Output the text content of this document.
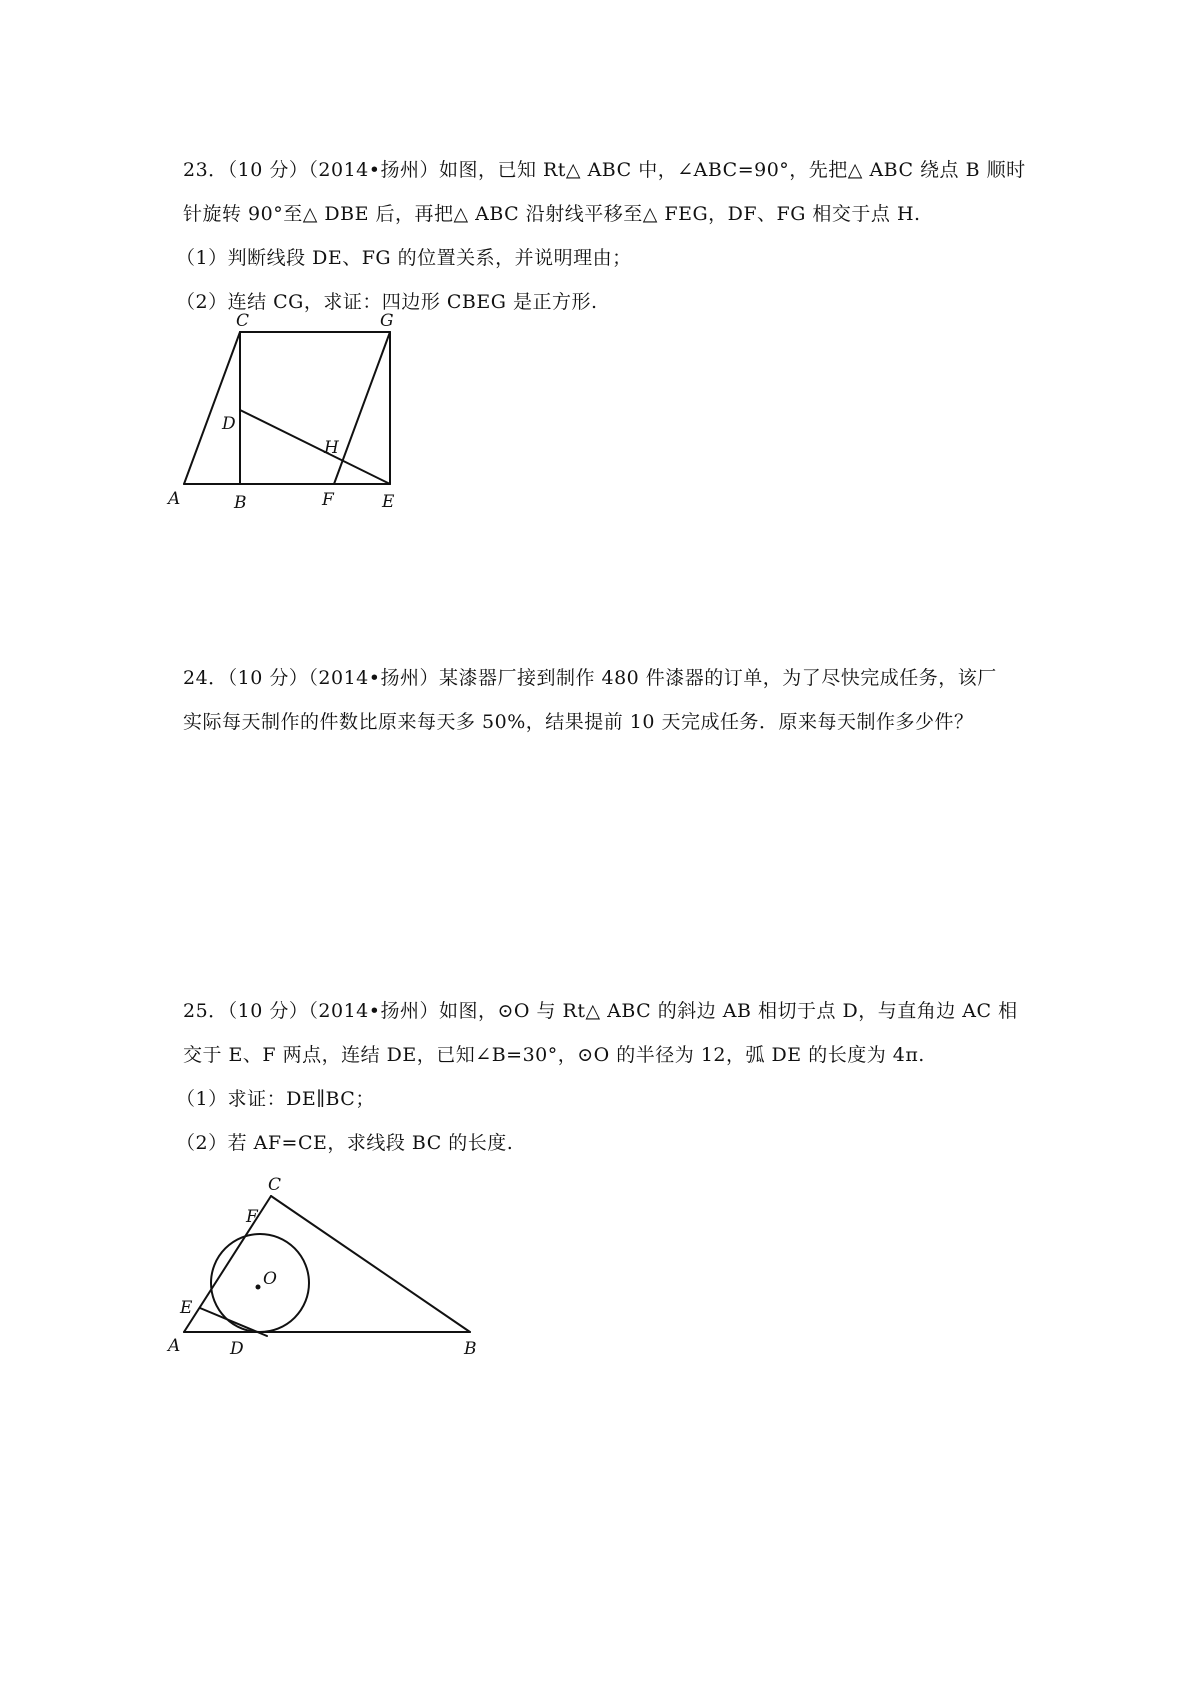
23．（10 分）（2014•扬州）如图，已知 Rt△ ABC 中，∠ABC=90°，先把△ ABC 绕点 B 顺时
针旋转 90°至△ DBE 后，再把△ ABC 沿射线平移至△ FEG，DF、FG 相交于点 H.
（1）判断线段 DE、FG 的位置关系，并说明理由；
（2）连结 CG，求证：四边形 CBEG 是正方形.
C	G
D
H
A	B	F	E
24．（10 分）（2014•扬州）某漆器厂接到制作 480 件漆器的订单，为了尽快完成任务，该厂
实际每天制作的件数比原来每天多 50%，结果提前 10 天完成任务．原来每天制作多少件？
25．（10 分）（2014•扬州）如图，⊙O 与 Rt△ ABC 的斜边 AB 相切于点 D，与直角边 AC 相
交于 E、F 两点，连结 DE，已知∠B=30°，⊙O 的半径为 12，弧 DE 的长度为 4π.
（1）求证：DE∥BC；
（2）若 AF=CE，求线段 BC 的长度.
C
F
O
E
A	D	B
